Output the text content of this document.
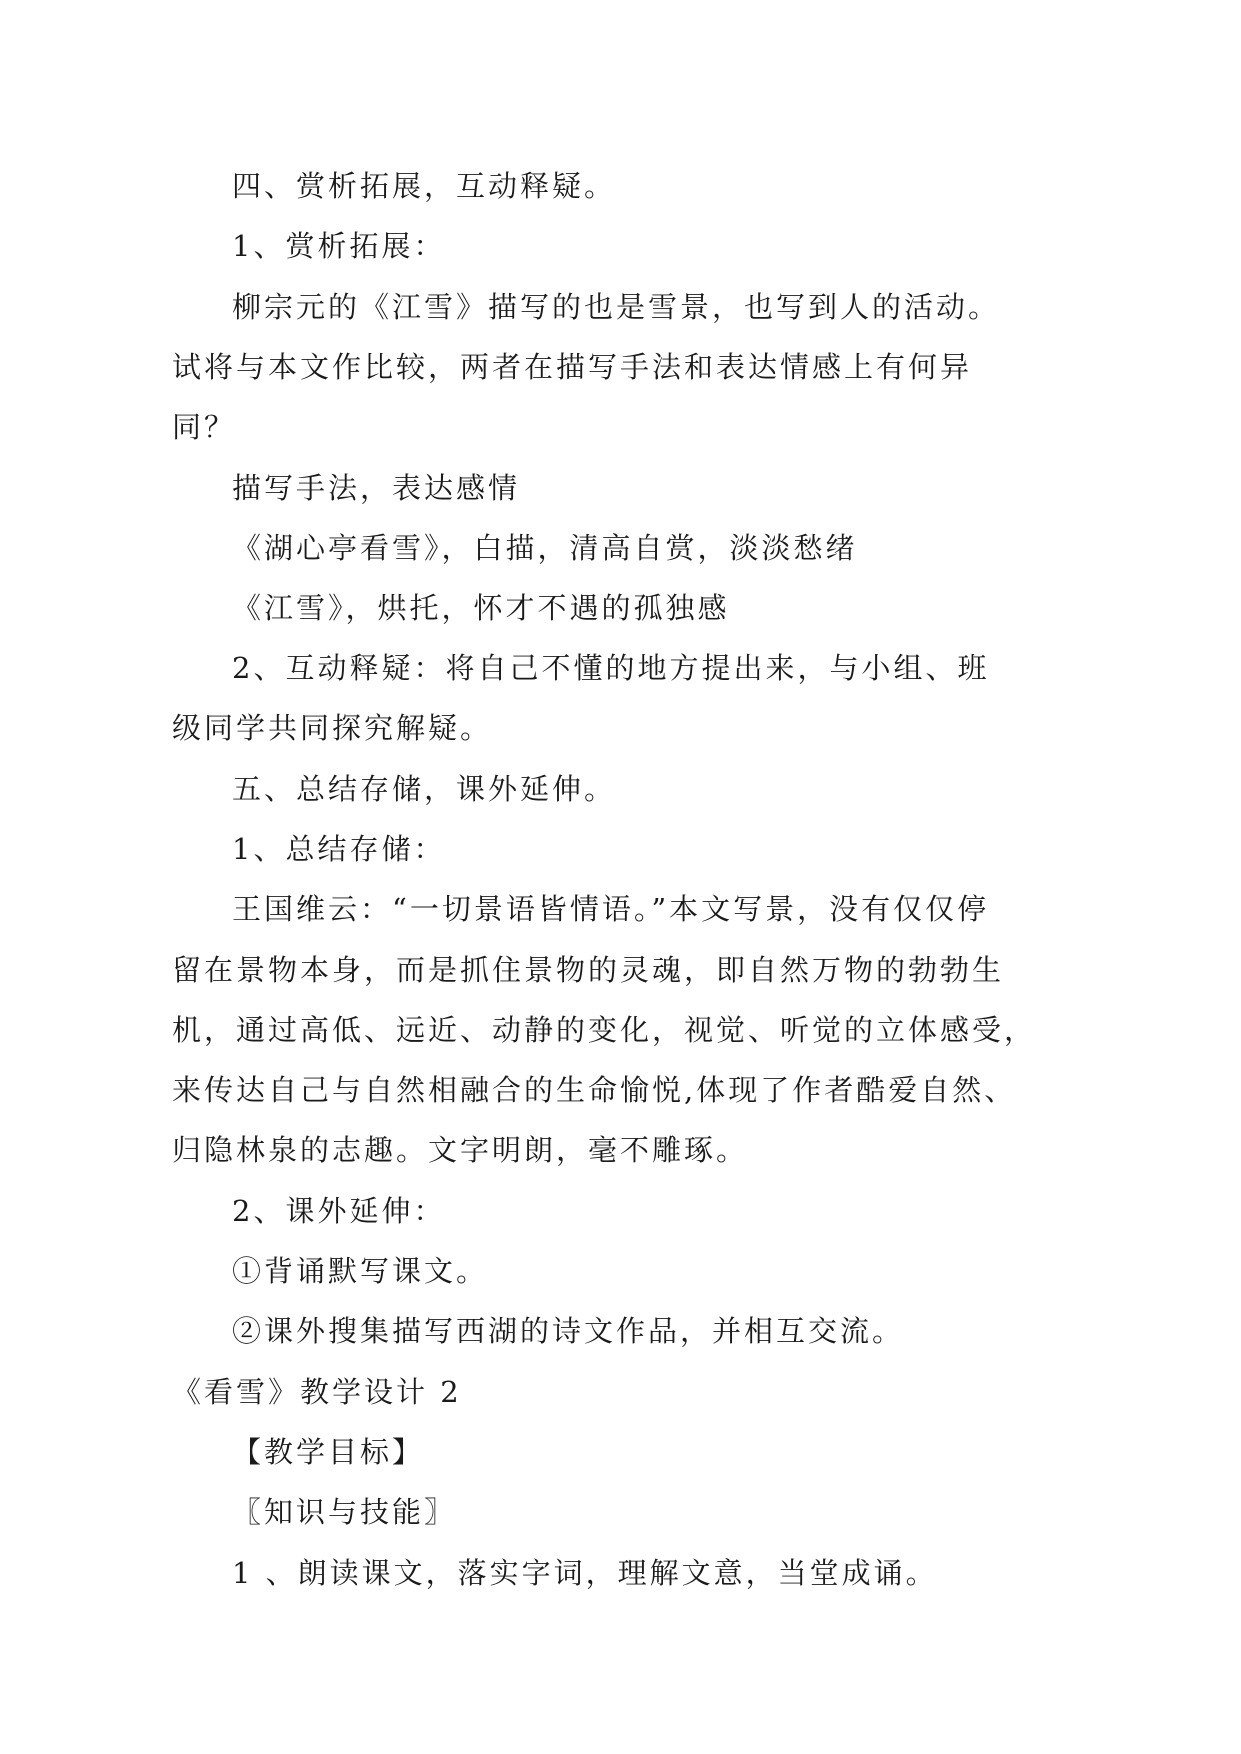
四、赏析拓展，互动释疑。
1、赏析拓展：
柳宗元的《江雪》描写的也是雪景，也写到人的活动。
试将与本文作比较，两者在描写手法和表达情感上有何异
同？
描写手法，表达感情
《湖心亭看雪》，白描，清高自赏，淡淡愁绪
《江雪》，烘托，怀才不遇的孤独感
2、互动释疑：将自己不懂的地方提出来，与小组、班
级同学共同探究解疑。
五、总结存储，课外延伸。
1、总结存储：
王国维云：“一切景语皆情语。”本文写景，没有仅仅停
留在景物本身，而是抓住景物的灵魂，即自然万物的勃勃生
机，通过高低、远近、动静的变化，视觉、听觉的立体感受，
来传达自己与自然相融合的生命愉悦,体现了作者酷爱自然、
归隐林泉的志趣。文字明朗，毫不雕琢。
2、课外延伸：
①背诵默写课文。
②课外搜集描写西湖的诗文作品，并相互交流。
《看雪》教学设计 2
【教学目标】
〖知识与技能〗
1 、朗读课文，落实字词，理解文意，当堂成诵。
